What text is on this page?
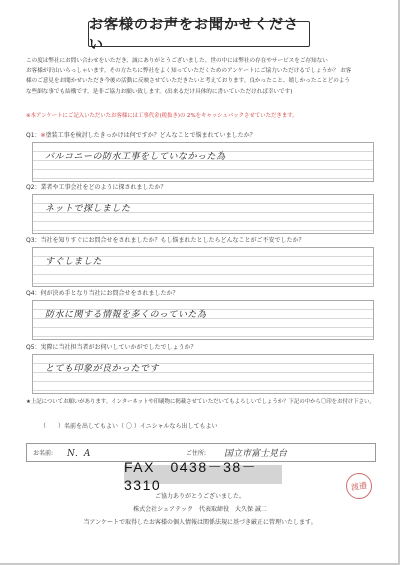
お客様のお声をお聞かせください

この度は弊社にお問い合わせをいただき、誠にありがとうございました。世の中には弊社の存在やサービスをご存知ない

お客様が沢山いらっしゃいます。その方たちに弊社をよく知っていただくためのアンケートにご協力いただけるでしょうか？ お客

様のご意見をお聞かせいただき今後の活動に反映させていただきたいと考えております。良かったこと、嬉しかったことどのよう

な些細な事でも結構です。是非ご協力お願い致します。(出来るだけ具体的に書いていただければ幸いです)

※本アンケートにご記入いただいたお客様には工事代金(税抜き)の 2%をキャッシュバックさせていただきます。
Q1：※塗装工事を検討したきっかけは何ですか？どんなことで悩まれていましたか？
バルコニーの防水工事をしていなかった為
Q2：業者や工事会社をどのように探されましたか？
ネットで探しました
Q3：当社を知りすぐにお問合せをされましたか？もし悩まれたとしたらどんなことがご不安でしたか？
すぐしました
Q4：何が決め手となり当社にお問合せをされましたか？
防水に関する情報を多くのっていた為
Q5：実際に当社担当者がお伺いしていかがでしたでしょうか？
とても印象が良かったです
★上記についてお願いがあります。インターネットや印刷物に掲載させていただいてもよろしいでしょうか？下記の中から〇印をお付け下さい。
（　　）名前を出してもよい （ 〇 ）イニシャルなら出してもよい
お名前:	N．A	ご住所:	国立市富士見台
FAX　0438－38－3310	渡邉
ご協力ありがとうございました。
株式会社シェアテック　代表取締役　大久保 誠二
当アンケートで取得したお客様の個人情報は関係法規に基づき厳正に管理いたします。
